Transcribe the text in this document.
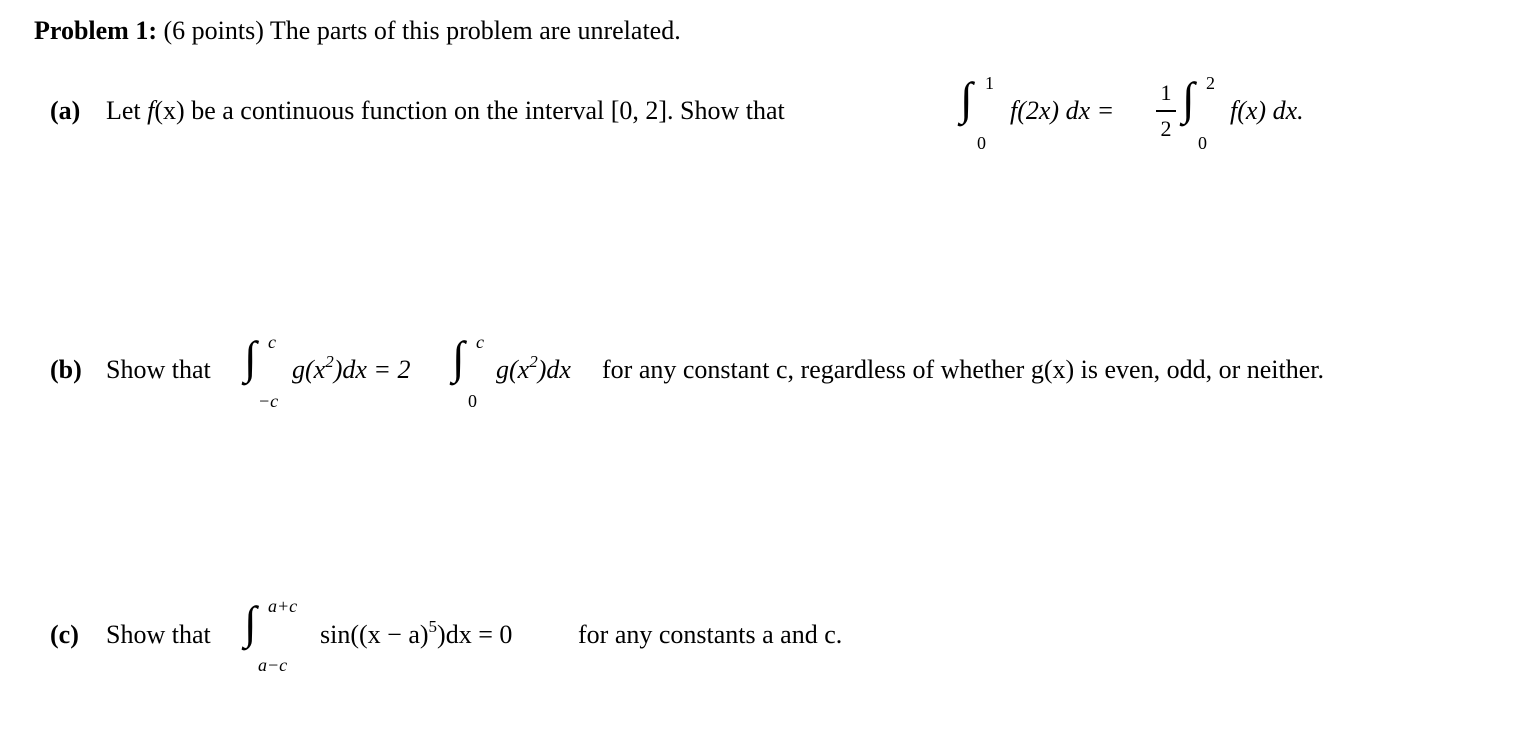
Problem 1: (6 points) The parts of this problem are unrelated.
(a) Let f(x) be a continuous function on the interval [0, 2]. Show that	∫ 1
0
f(2x) dx =
1
2
∫ 2
0
f(x) dx.
(b) Show that ∫ c
−c
$g(x^2)dx = 2$ ∫ c
0
$g(x^2)dx$ for any constant c, regardless of whether g(x) is even, odd, or neither.
(c) Show that ∫ a+c
a−c
$\sin((x - a)^5)dx = 0$	for any constants a and c.
